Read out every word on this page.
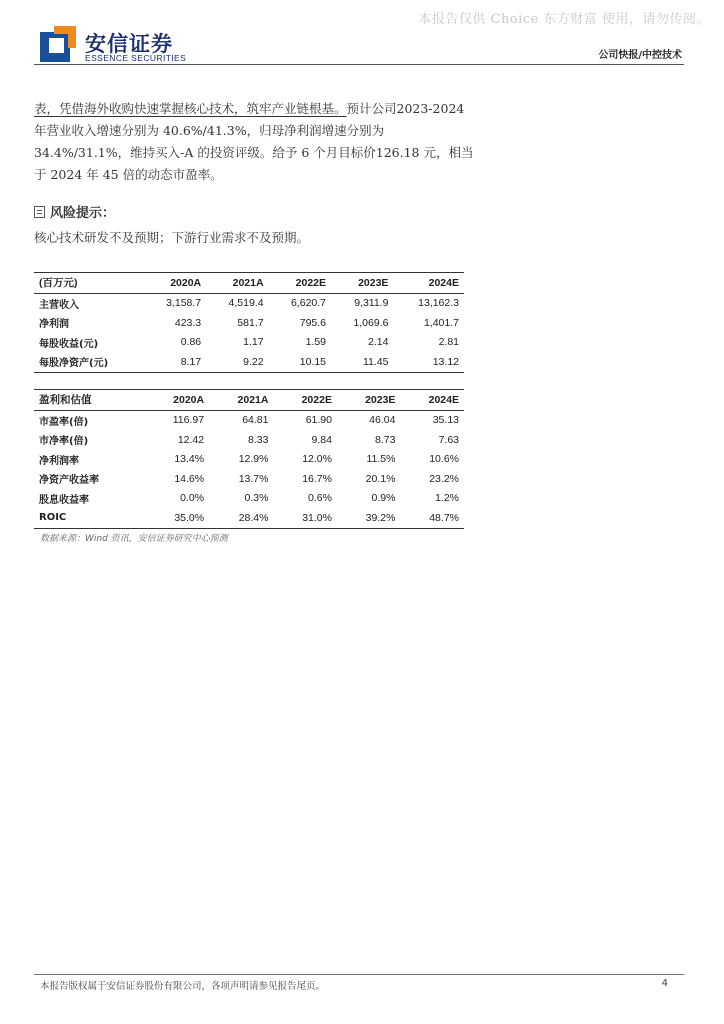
本报告仅供 Choice 东方财富 使用，请勿传阅。
安信证券
ESSENCE SECURITIES	公司快报/中控技术

表，凭借海外收购快速掌握核心技术，筑牢产业链根基。预计公司2023-2024 年营业收入增速分别为 40.6%/41.3%，归母净利润增速分别为 34.4%/31.1%，维持买入-A 的投资评级。给予 6 个月目标价126.18 元，相当于 2024 年 45 倍的动态市盈率。

风险提示：
核心技术研发不及预期；下游行业需求不及预期。
(百万元)	2020A	2021A	2022E	2023E	2024E
主营收入	3,158.7	4,519.4	6,620.7	9,311.9	13,162.3
净利润	423.3	581.7	795.6	1,069.6	1,401.7
每股收益(元)	0.86	1.17	1.59	2.14	2.81
每股净资产(元)	8.17	9.22	10.15	11.45	13.12
盈利和估值	2020A	2021A	2022E	2023E	2024E
市盈率(倍)	116.97	64.81	61.90	46.04	35.13
市净率(倍)	12.42	8.33	9.84	8.73	7.63
净利润率	13.4%	12.9%	12.0%	11.5%	10.6%
净资产收益率	14.6%	13.7%	16.7%	20.1%	23.2%
股息收益率	0.0%	0.3%	0.6%	0.9%	1.2%
ROIC	35.0%	28.4%	31.0%	39.2%	48.7%
数据来源：Wind 资讯，安信证券研究中心预测
本报告版权属于安信证券股份有限公司，各项声明请参见报告尾页。	4
